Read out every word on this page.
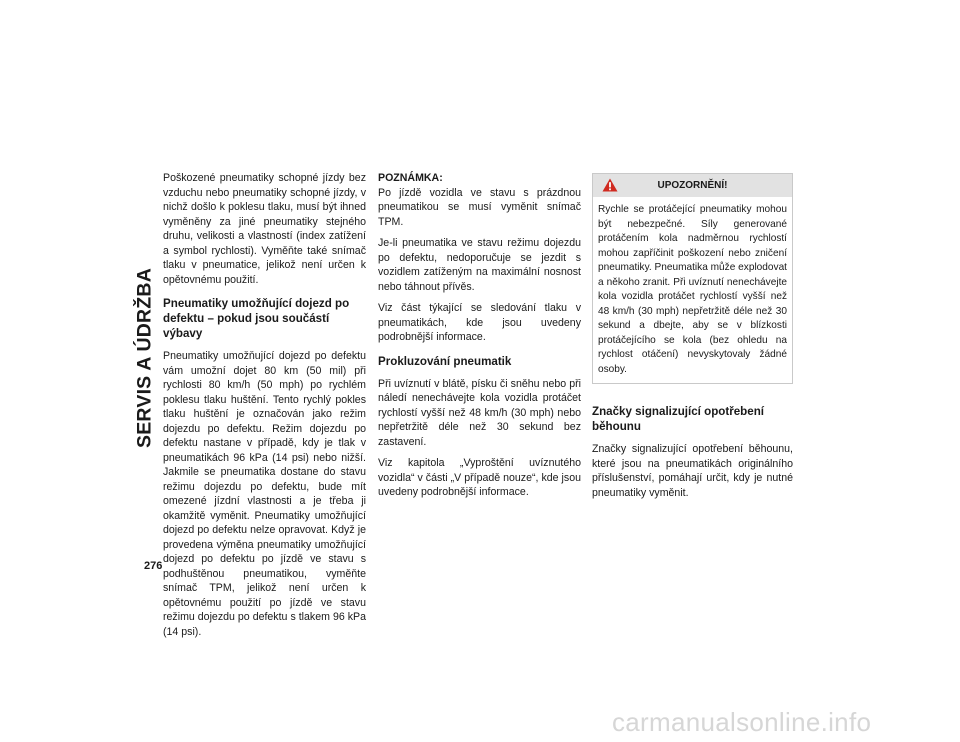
SERVIS A ÚDRŽBA
276

Poškozené pneumatiky schopné jízdy bez vzduchu nebo pneumatiky schopné jízdy, v nichž došlo k poklesu tlaku, musí být ihned vyměněny za jiné pneumatiky stejného druhu, velikosti a vlastností (index zatížení a symbol rychlosti). Vyměňte také snímač tlaku v pneumatice, jelikož není určen k opětovnému použití.

Pneumatiky umožňující dojezd po defektu – pokud jsou součástí výbavy

Pneumatiky umožňující dojezd po defektu vám umožní dojet 80 km (50 mil) při rychlosti 80 km/h (50 mph) po rychlém poklesu tlaku huštění. Tento rychlý pokles tlaku huštění je označován jako režim dojezdu po defektu. Režim dojezdu po defektu nastane v případě, kdy je tlak v pneumatikách 96 kPa (14 psi) nebo nižší. Jakmile se pneumatika dostane do stavu režimu dojezdu po defektu, bude mít omezené jízdní vlastnosti a je třeba ji okamžitě vyměnit. Pneumatiky umožňující dojezd po defektu nelze opravovat. Když je provedena výměna pneumatiky umožňující dojezd po defektu po jízdě ve stavu s podhuštěnou pneumatikou, vyměňte snímač TPM, jelikož není určen k opětovnému použití po jízdě ve stavu režimu dojezdu po defektu s tlakem 96 kPa (14 psi).

POZNÁMKA:
Po jízdě vozidla ve stavu s prázdnou pneumatikou se musí vyměnit snímač TPM.

Je-li pneumatika ve stavu režimu dojezdu po defektu, nedoporučuje se jezdit s vozidlem zatíženým na maximální nosnost nebo táhnout přívěs.

Viz část týkající se sledování tlaku v pneumatikách, kde jsou uvedeny podrobnější informace.

Prokluzování pneumatik

Při uvíznutí v blátě, písku či sněhu nebo při náledí nenechávejte kola vozidla protáčet rychlostí vyšší než 48 km/h (30 mph) nebo nepřetržitě déle než 30 sekund bez zastavení.

Viz kapitola „Vyproštění uvíznutého vozidla“ v části „V případě nouze“, kde jsou uvedeny podrobnější informace.

UPOZORNĚNÍ!
Rychle se protáčející pneumatiky mohou být nebezpečné. Síly generované protáčením kola nadměrnou rychlostí mohou zapříčinit poškození nebo zničení pneumatiky. Pneumatika může explodovat a někoho zranit. Při uvíznutí nenechávejte kola vozidla protáčet rychlostí vyšší než 48 km/h (30 mph) nepřetržitě déle než 30 sekund a dbejte, aby se v blízkosti protáčejícího se kola (bez ohledu na rychlost otáčení) nevyskytovaly žádné osoby.
Značky signalizující opotřebení běhounu

Značky signalizující opotřebení běhounu, které jsou na pneumatikách originálního příslušenství, pomáhají určit, kdy je nutné pneumatiky vyměnit.

carmanualsonline.info
